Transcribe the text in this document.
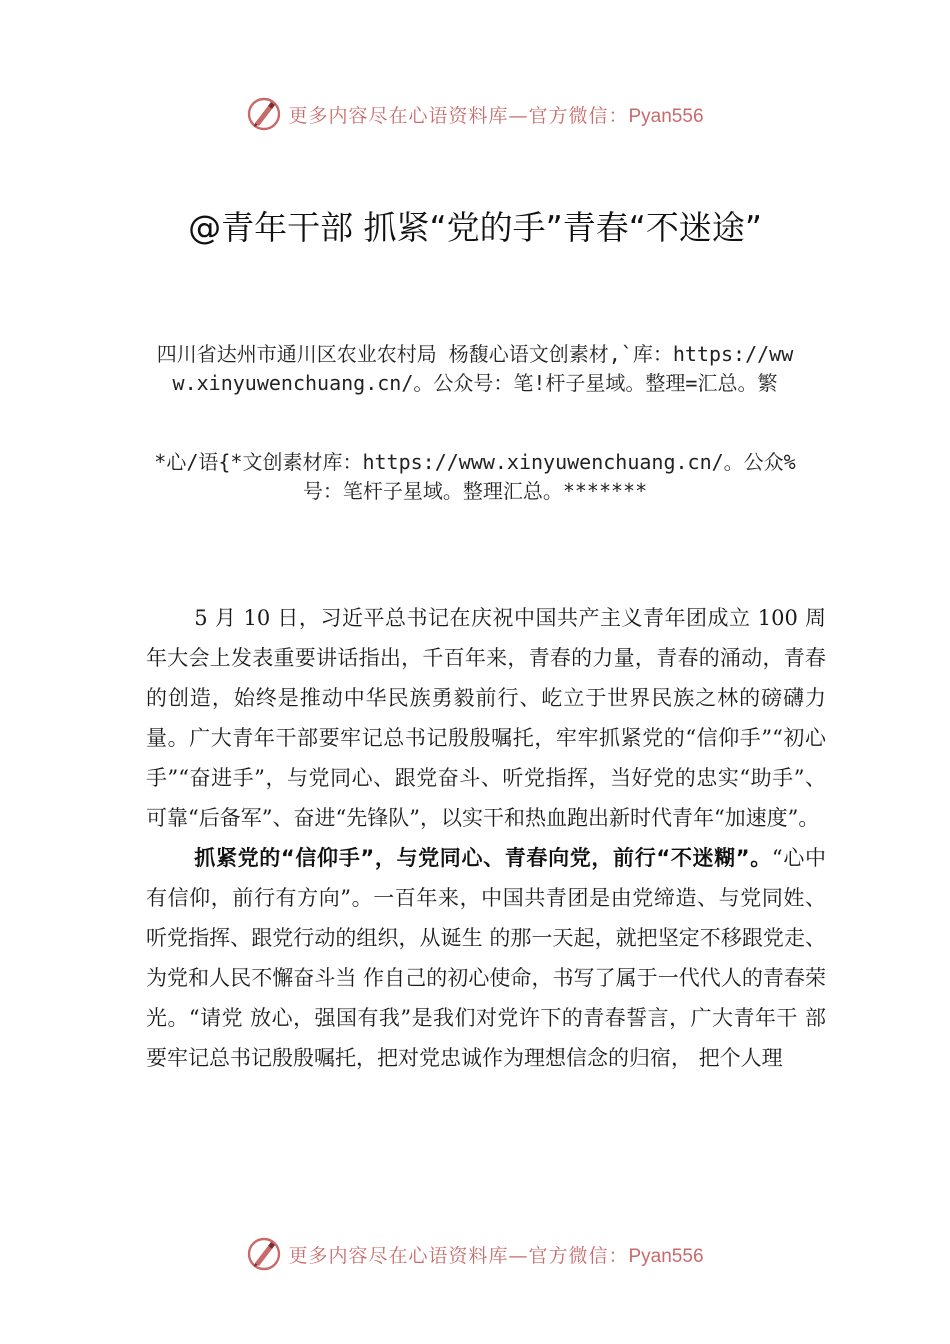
更多内容尽在心语资料库—官方微信：Pyan556
@青年干部 抓紧“党的手”青春“不迷途”
四川省达州市通川区农业农村局 杨馥心语文创素材,`库：https://www.xinyuwenchuang.cn/。公众号：笔!杆子星域。整理=汇总。繁
*心/语{*文创素材库：https://www.xinyuwenchuang.cn/。公众%号：笔杆子星域。整理汇总。*******

5 月 10 日，习近平总书记在庆祝中国共产主义青年团成立 100 周年大会上发表重要讲话指出，千百年来，青春的力量，青春的涌动，青春的创造，始终是推动中华民族勇毅前行、屹立于世界民族之林的磅礴力量。广大青年干部要牢记总书记殷殷嘱托，牢牢抓紧党的“信仰手”“初心手”“奋进手”，与党同心、跟党奋斗、听党指挥，当好党的忠实“助手”、可靠“后备军”、奋进“先锋队”，以实干和热血跑出新时代青年“加速度”。

抓紧党的“信仰手”，与党同心、青春向党，前行“不迷糊”。“心中有信仰，前行有方向”。一百年来，中国共青团是由党缔造、与党同姓、听党指挥、跟党行动的组织，从诞生 的那一天起，就把坚定不移跟党走、为党和人民不懈奋斗当 作自己的初心使命，书写了属于一代代人的青春荣光。“请党 放心，强国有我”是我们对党许下的青春誓言，广大青年干 部要牢记总书记殷殷嘱托，把对党忠诚作为理想信念的归宿， 把个人理

更多内容尽在心语资料库—官方微信：Pyan556
